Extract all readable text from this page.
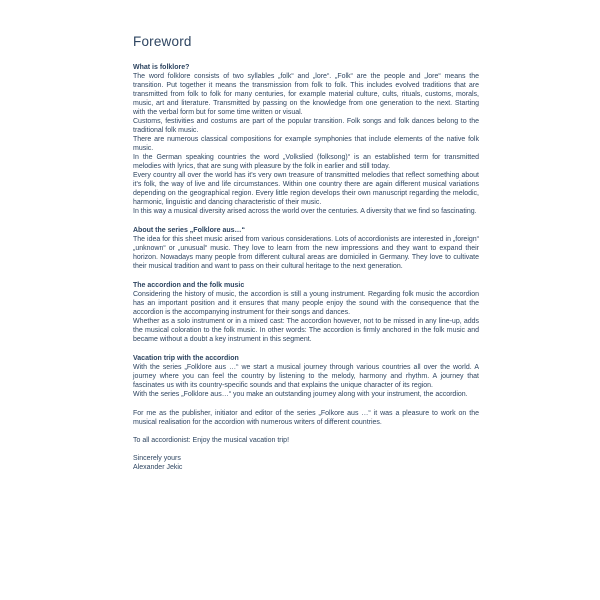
Foreword
What is folklore?

The word folklore consists of two syllables „folk“ and „lore“. „Folk“ are the people and „lore“ means the transition. Put together it means the transmission from folk to folk. This includes evolved traditions that are transmitted from folk to folk for many centuries, for example material culture, cults, rituals, customs, morals, music, art and literature. Transmitted by passing on the knowledge from one generation to the next. Starting with the verbal form but for some time written or visual.

Customs, festivities and costums are part of the popular transition. Folk songs and folk dances belong to the traditional folk music.

There are numerous classical compositions for example symphonies that include elements of the native folk music.

In the German speaking countries the word „Volkslied (folksong)“ is an established term for transmitted melodies with lyrics, that are sung with pleasure by the folk in earlier and still today.

Every country all over the world has it's very own treasure of transmitted melodies that reflect something about it's folk, the way of live and life circumstances. Within one country there are again different musical variations depending on the geographical region. Every little region develops their own manuscript regarding the melodic, harmonic, linguistic and dancing characteristic of their music.

In this way a musical diversity arised across the world over the centuries. A diversity that we find so fascinating.

About the series „Folklore aus…“

The idea for this sheet music arised from various considerations. Lots of accordionists are interested in „foreign“ „unknown“ or „unusual“ music. They love to learn from the new impressions and they want to expand their horizon. Nowadays many people from different cultural areas are domiciled in Germany. They love to cultivate their musical tradition and want to pass on their cultural heritage to the next generation.

The accordion and the folk music

Considering the history of music, the accordion is still a young instrument. Regarding folk music the accordion has an important position and it ensures that many people enjoy the sound with the consequence that the accordion is the accompanying instrument for their songs and dances.

Whether as a solo instrument or in a mixed cast: The accordion however, not to be missed in any line-up, adds the musical coloration to the folk music. In other words: The accordion is firmly anchored in the folk music and became without a doubt a key instrument in this segment.

Vacation trip with the accordion

With the series „Folklore aus …“ we start a musical journey through various countries all over the world. A journey where you can feel the country by listening to the melody, harmony and rhythm. A journey that fascinates us with its country-specific sounds and that explains the unique character of its region.

With the series „Folklore aus…“ you make an outstanding journey along with your instrument, the accordion.

For me as the publisher, initiator and editor of the series „Folkore aus …“ it was a pleasure to work on the musical realisation for the accordion with numerous writers of different countries.

To all accordionist: Enjoy the musical vacation trip!

Sincerely yours

Alexander Jekic
